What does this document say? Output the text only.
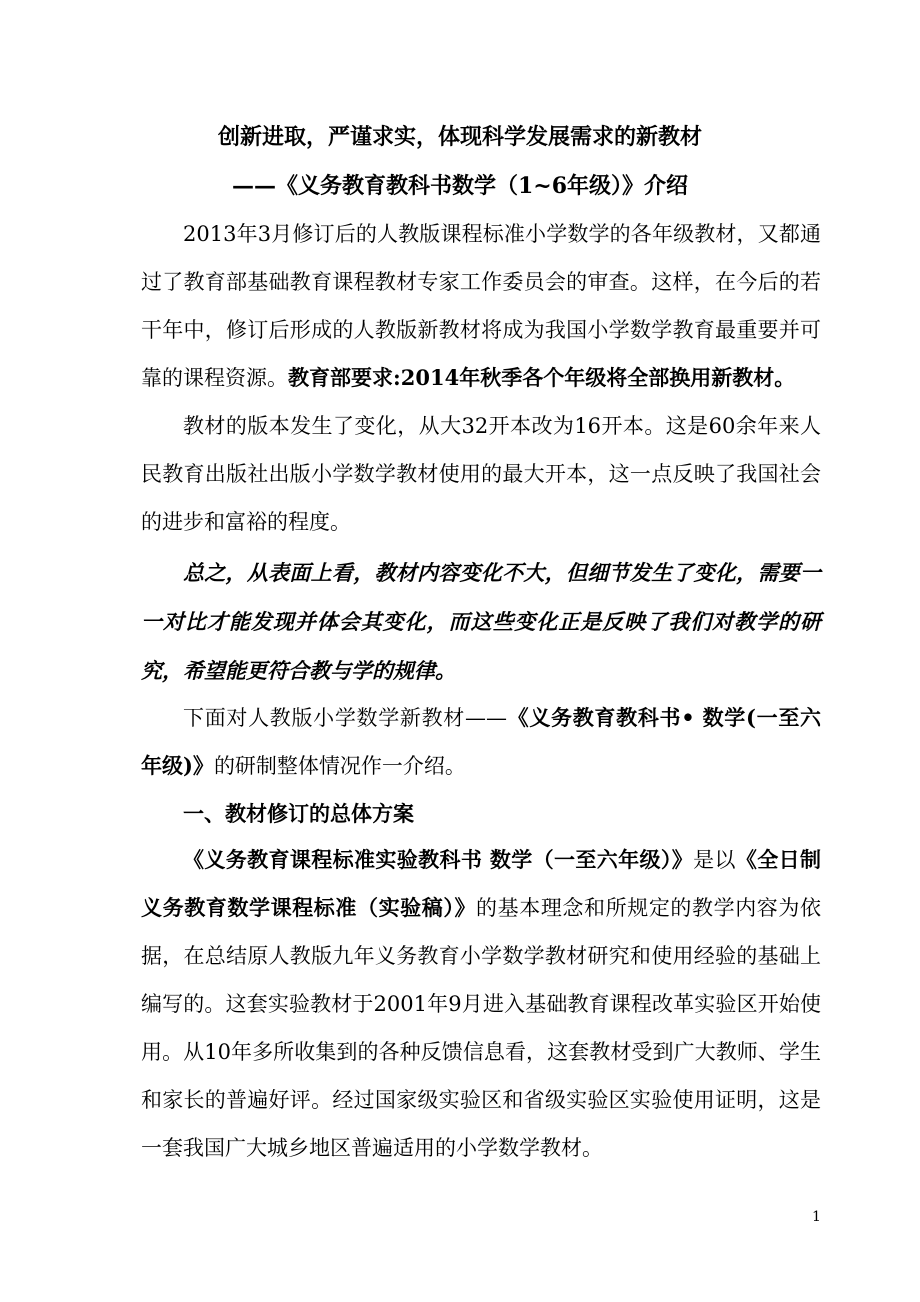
创新进取，严谨求实，体现科学发展需求的新教材
——《义务教育教科书数学（1~6年级）》介绍
2013年3月修订后的人教版课程标准小学数学的各年级教材，又都通过了教育部基础教育课程教材专家工作委员会的审查。这样，在今后的若干年中，修订后形成的人教版新教材将成为我国小学数学教育最重要并可靠的课程资源。教育部要求:2014年秋季各个年级将全部换用新教材。
教材的版本发生了变化，从大32开本改为16开本。这是60余年来人民教育出版社出版小学数学教材使用的最大开本，这一点反映了我国社会的进步和富裕的程度。
总之，从表面上看，教材内容变化不大，但细节发生了变化，需要一一对比才能发现并体会其变化，而这些变化正是反映了我们对教学的研究，希望能更符合教与学的规律。
下面对人教版小学数学新教材——《义务教育教科书• 数学(一至六年级)》的研制整体情况作一介绍。
一、教材修订的总体方案
《义务教育课程标准实验教科书 数学（一至六年级）》是以《全日制义务教育数学课程标准（实验稿）》的基本理念和所规定的教学内容为依据，在总结原人教版九年义务教育小学数学教材研究和使用经验的基础上编写的。这套实验教材于2001年9月进入基础教育课程改革实验区开始使用。从10年多所收集到的各种反馈信息看，这套教材受到广大教师、学生和家长的普遍好评。经过国家级实验区和省级实验区实验使用证明，这是一套我国广大城乡地区普遍适用的小学数学教材。
1
